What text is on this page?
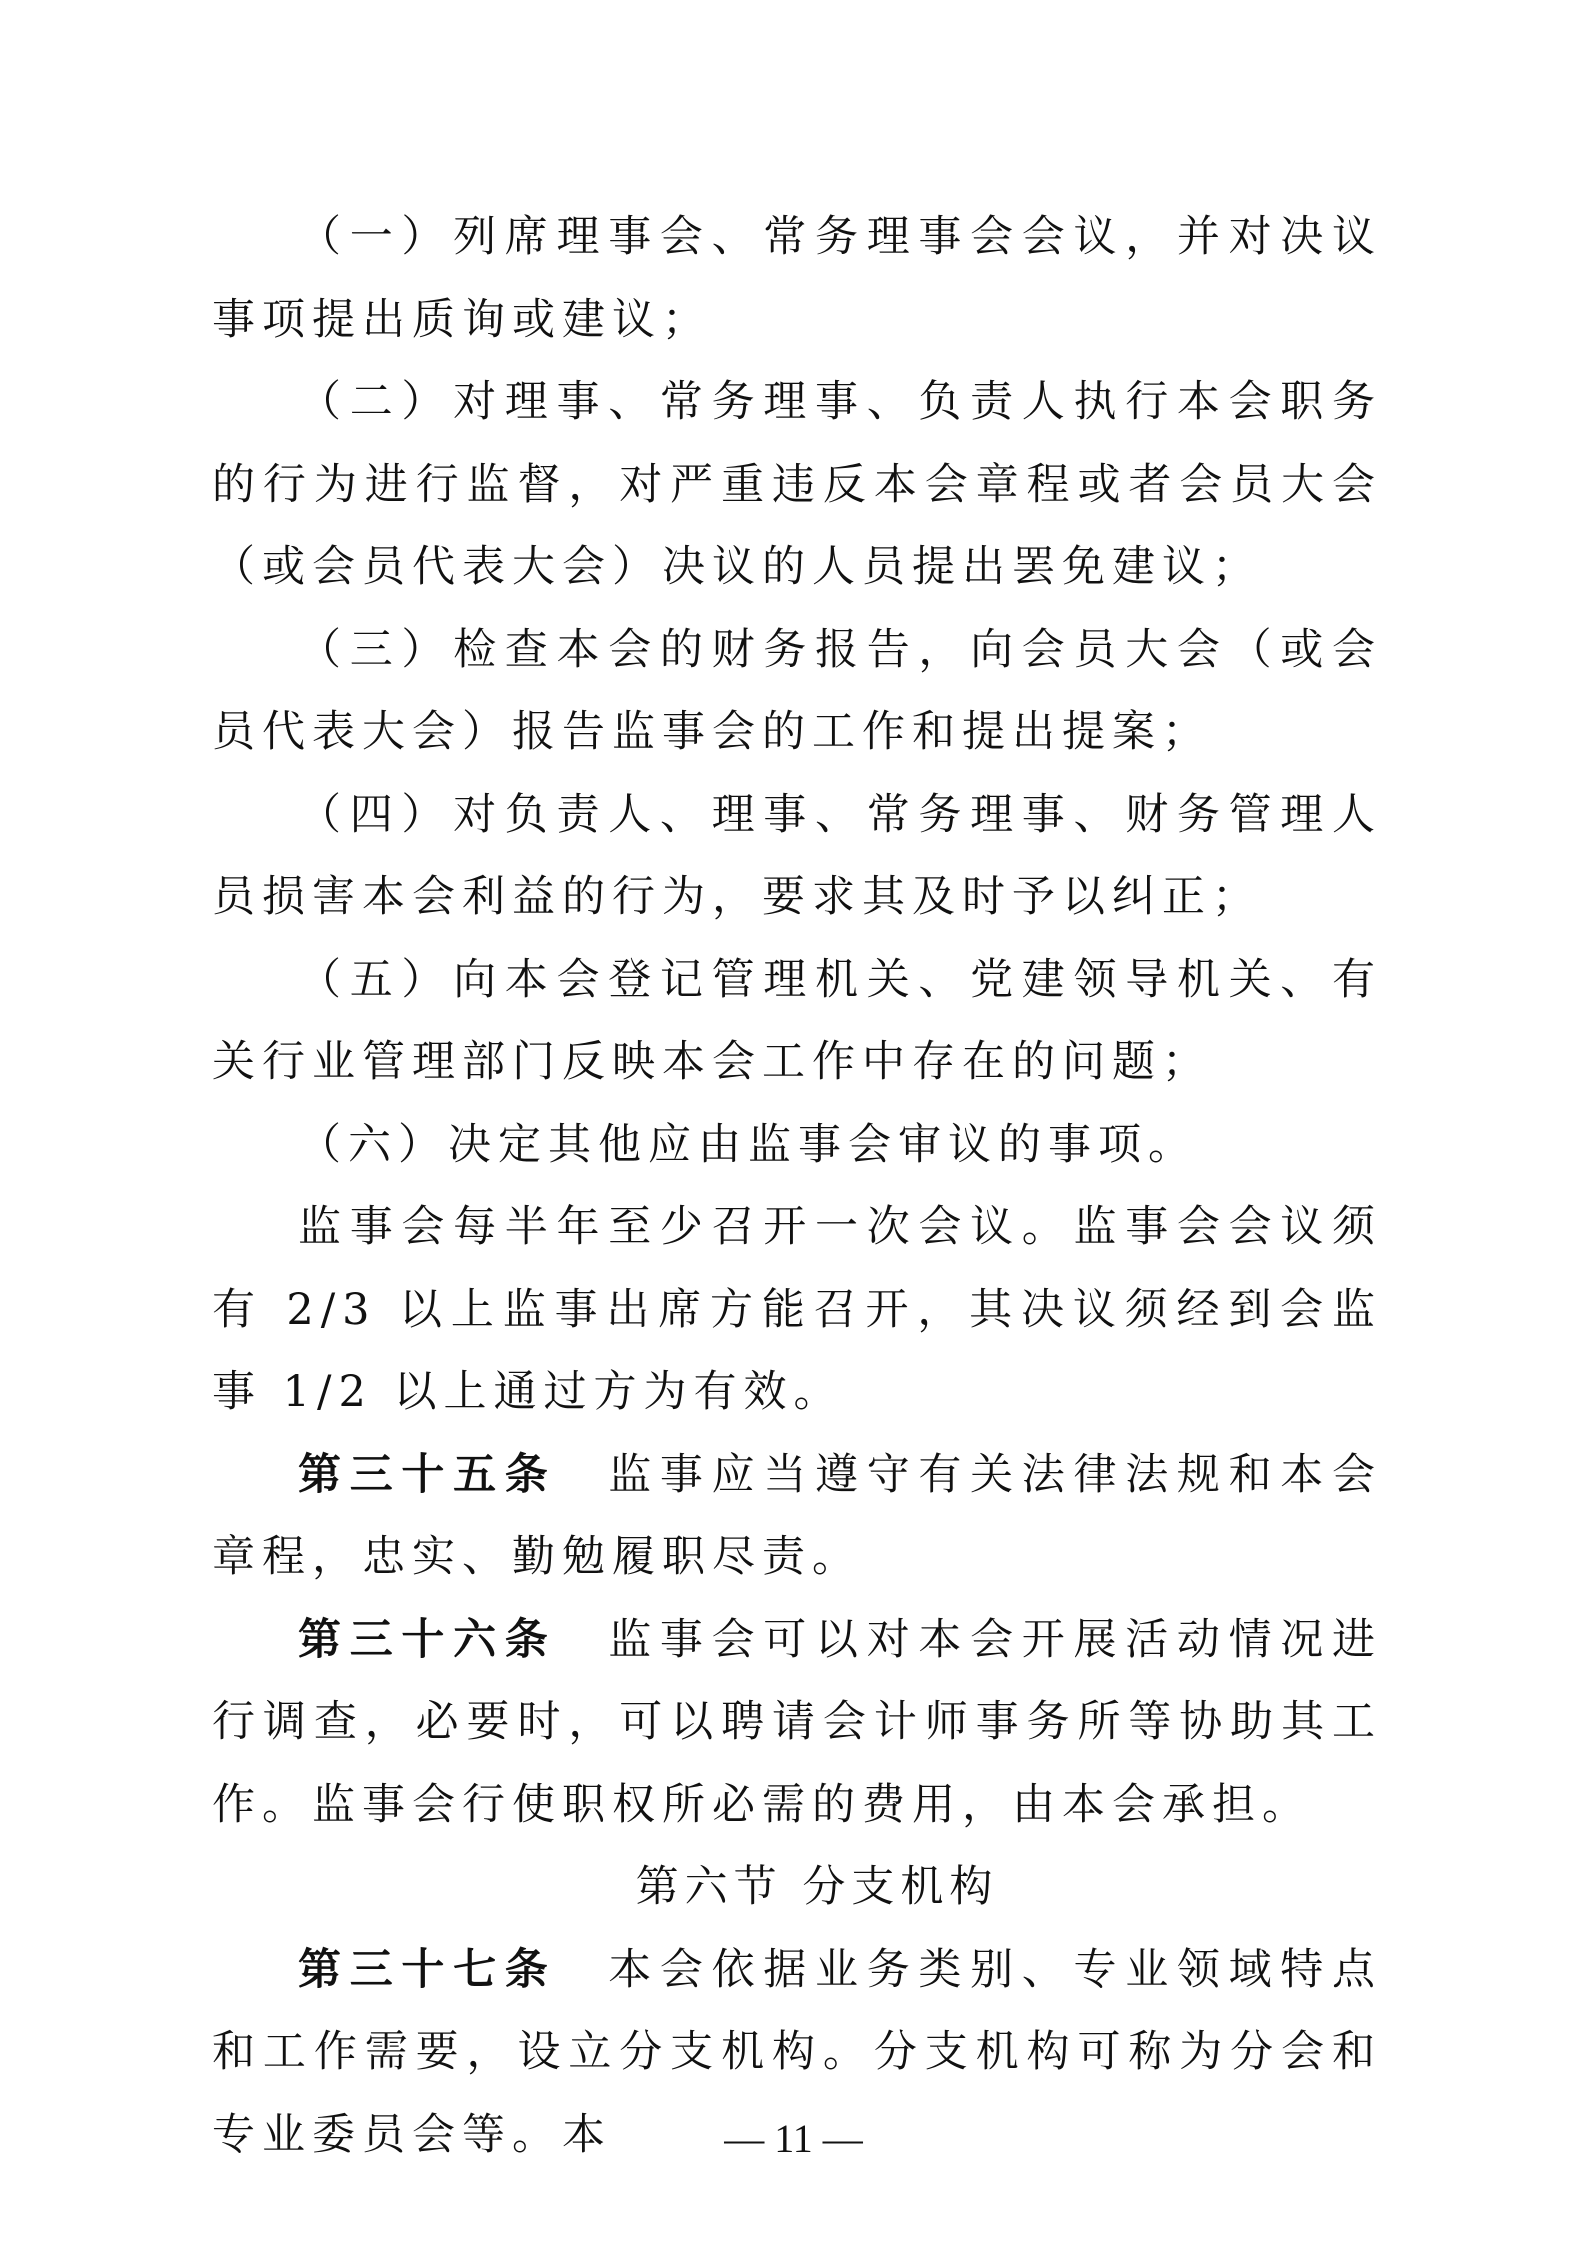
（一）列席理事会、常务理事会会议，并对决议事项提出质询或建议；

（二）对理事、常务理事、负责人执行本会职务的行为进行监督，对严重违反本会章程或者会员大会（或会员代表大会）决议的人员提出罢免建议；

（三）检查本会的财务报告，向会员大会（或会员代表大会）报告监事会的工作和提出提案；

（四）对负责人、理事、常务理事、财务管理人员损害本会利益的行为，要求其及时予以纠正；

（五）向本会登记管理机关、党建领导机关、有关行业管理部门反映本会工作中存在的问题；

（六）决定其他应由监事会审议的事项。

监事会每半年至少召开一次会议。监事会会议须有 2/3 以上监事出席方能召开，其决议须经到会监事 1/2 以上通过方为有效。

第三十五条 监事应当遵守有关法律法规和本会章程，忠实、勤勉履职尽责。

第三十六条 监事会可以对本会开展活动情况进行调查，必要时，可以聘请会计师事务所等协助其工作。监事会行使职权所必需的费用，由本会承担。

第六节 分支机构

第三十七条 本会依据业务类别、专业领域特点和工作需要，设立分支机构。分支机构可称为分会和专业委员会等。本	— 11 —
